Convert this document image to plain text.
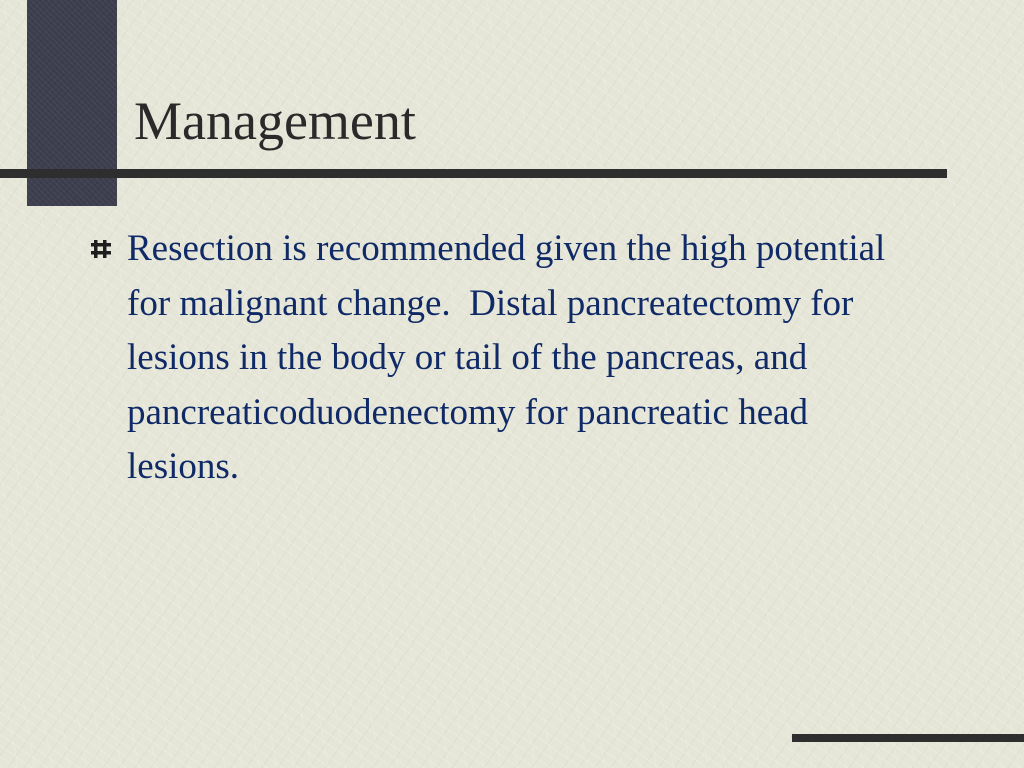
Management
Resection is recommended given the high potential for malignant change.  Distal pancreatectomy for lesions in the body or tail of the pancreas, and pancreaticoduodenectomy for pancreatic head lesions.
